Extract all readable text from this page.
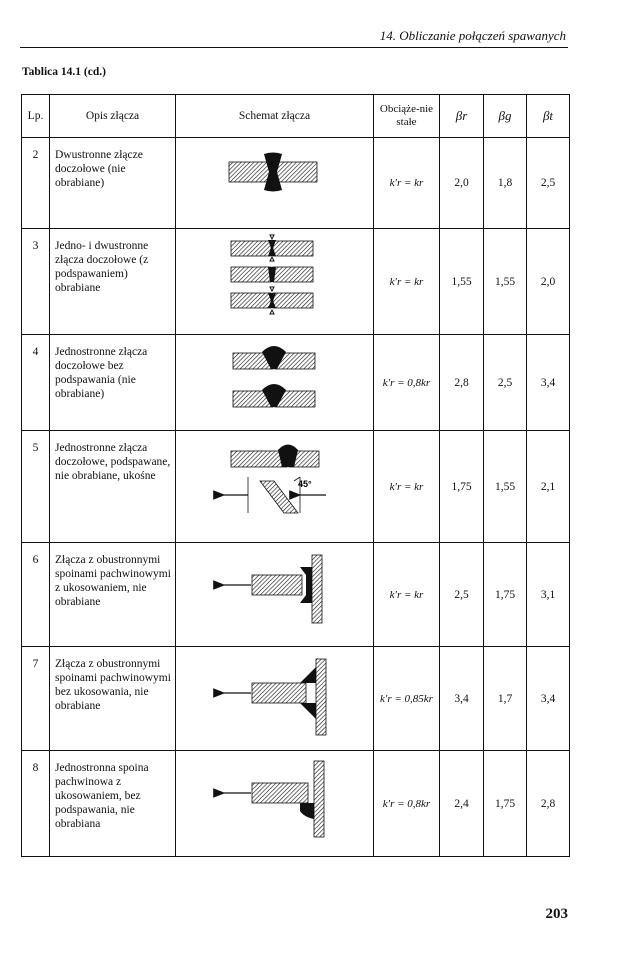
14. Obliczanie połączeń spawanych
Tablica 14.1 (cd.)
Lp.	Opis złącza	Schemat złącza	Obciąże-nie stałe	βr	βg	βt
2	Dwustronne złącze doczołowe (nie obrabiane)		k′r = kr	2,0	1,8	2,5
3	Jedno- i dwustronne złącza doczołowe (z podspawaniem) obrabiane		k′r = kr	1,55	1,55	2,0
4	Jednostronne złącza doczołowe bez podspawania (nie obrabiane)		k′r = 0,8kr	2,8	2,5	3,4
5	Jednostronne złącza doczołowe, podspawane, nie obrabiane, ukośne	45°	k′r = kr	1,75	1,55	2,1
6	Złącza z obustronnymi spoinami pachwinowymi z ukosowaniem, nie obrabiane		k′r = kr	2,5	1,75	3,1
7	Złącza z obustronnymi spoinami pachwinowymi bez ukosowania, nie obrabiane		k′r = 0,85kr	3,4	1,7	3,4
8	Jednostronna spoina pachwinowa z ukosowaniem, bez podspawania, nie obrabiana		k′r = 0,8kr	2,4	1,75	2,8
203
